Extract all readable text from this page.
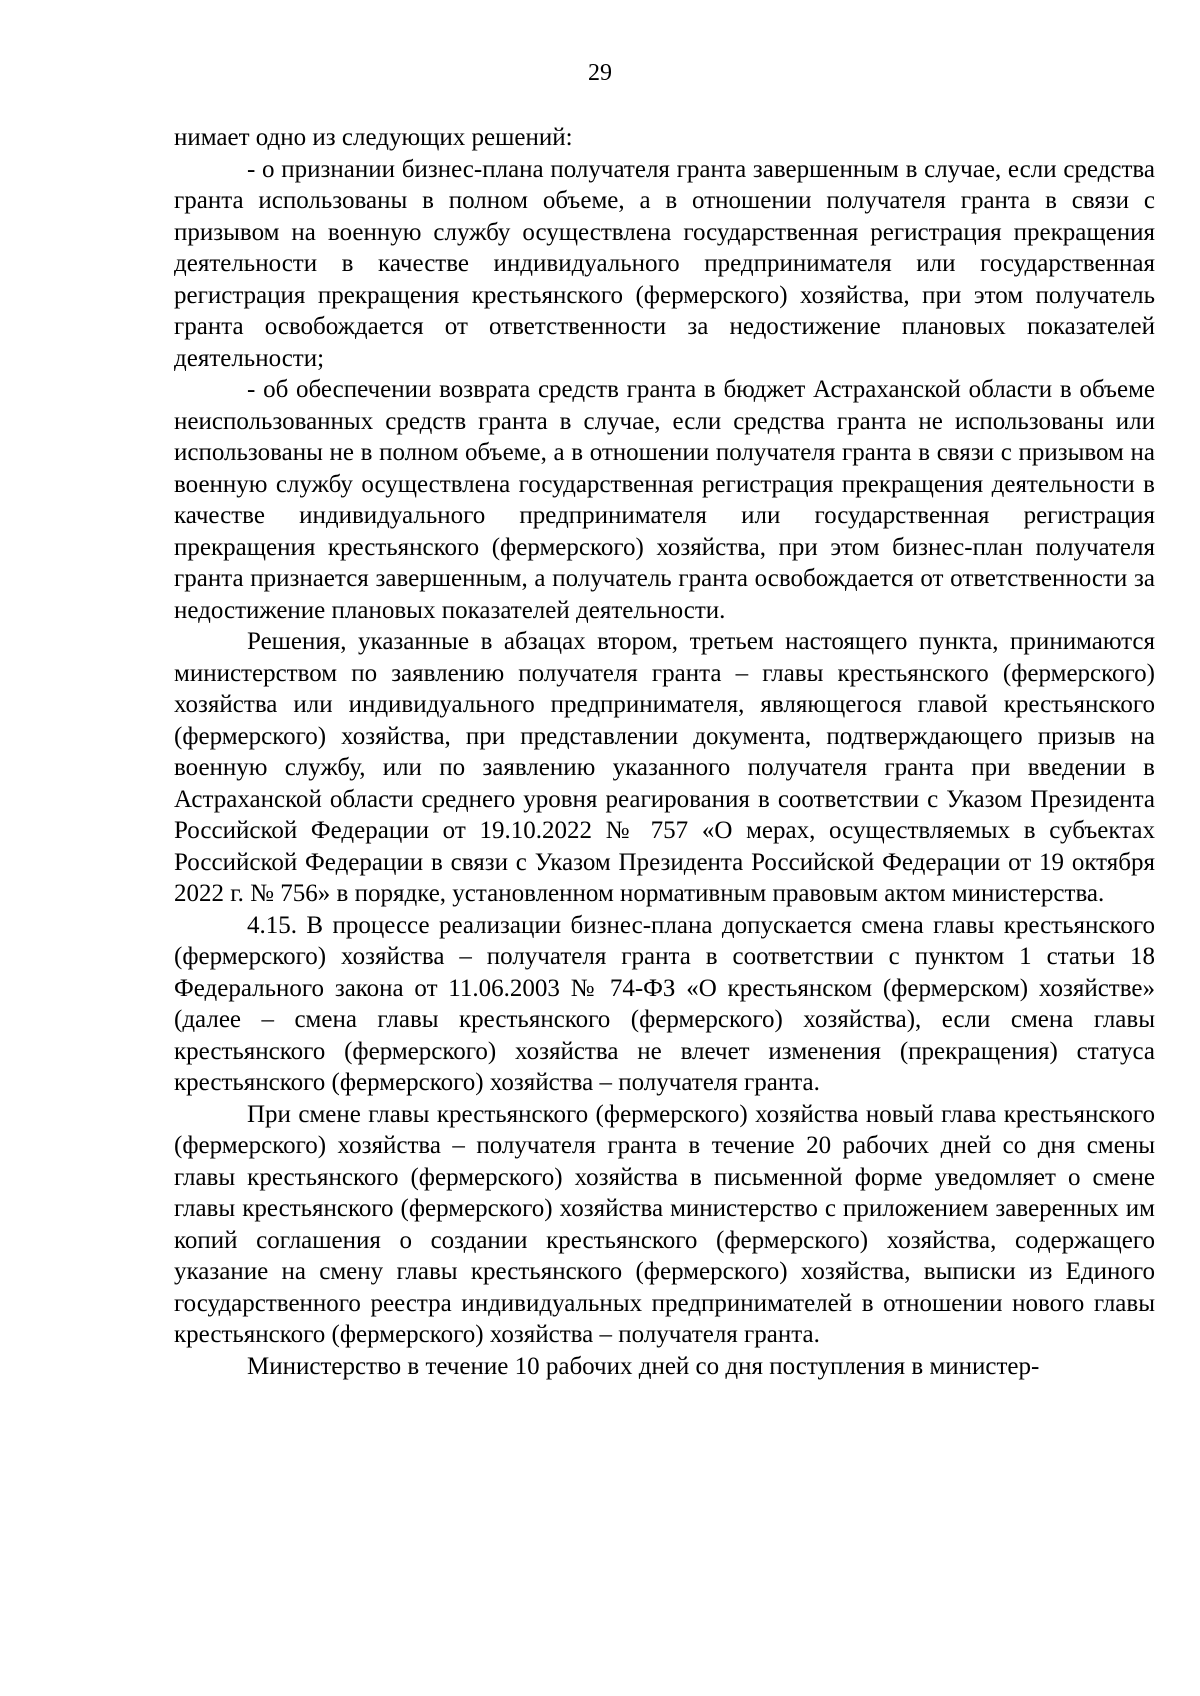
29

нимает одно из следующих решений:

- о признании бизнес-плана получателя гранта завершенным в случае, если средства гранта использованы в полном объеме, а в отношении получателя гранта в связи с призывом на военную службу осуществлена государственная регистрация прекращения деятельности в качестве индивидуального предпринимателя или государственная регистрация прекращения крестьянского (фермерского) хозяйства, при этом получатель гранта освобождается от ответственности за недостижение плановых показателей деятельности;

- об обеспечении возврата средств гранта в бюджет Астраханской области в объеме неиспользованных средств гранта в случае, если средства гранта не использованы или использованы не в полном объеме, а в отношении получателя гранта в связи с призывом на военную службу осуществлена государственная регистрация прекращения деятельности в качестве индивидуального предпринимателя или государственная регистрация прекращения крестьянского (фермерского) хозяйства, при этом бизнес-план получателя гранта признается завершенным, а получатель гранта освобождается от ответственности за недостижение плановых показателей деятельности.

Решения, указанные в абзацах втором, третьем настоящего пункта, принимаются министерством по заявлению получателя гранта – главы крестьянского (фермерского) хозяйства или индивидуального предпринимателя, являющегося главой крестьянского (фермерского) хозяйства, при представлении документа, подтверждающего призыв на военную службу, или по заявлению указанного получателя гранта при введении в Астраханской области среднего уровня реагирования в соответствии с Указом Президента Российской Федерации от 19.10.2022 № 757 «О мерах, осуществляемых в субъектах Российской Федерации в связи с Указом Президента Российской Федерации от 19 октября 2022 г. № 756» в порядке, установленном нормативным правовым актом министерства.

4.15. В процессе реализации бизнес-плана допускается смена главы крестьянского (фермерского) хозяйства – получателя гранта в соответствии с пунктом 1 статьи 18 Федерального закона от 11.06.2003 № 74-ФЗ «О крестьянском (фермерском) хозяйстве» (далее – смена главы крестьянского (фермерского) хозяйства), если смена главы крестьянского (фермерского) хозяйства не влечет изменения (прекращения) статуса крестьянского (фермерского) хозяйства – получателя гранта.

При смене главы крестьянского (фермерского) хозяйства новый глава крестьянского (фермерского) хозяйства – получателя гранта в течение 20 рабочих дней со дня смены главы крестьянского (фермерского) хозяйства в письменной форме уведомляет о смене главы крестьянского (фермерского) хозяйства министерство с приложением заверенных им копий соглашения о создании крестьянского (фермерского) хозяйства, содержащего указание на смену главы крестьянского (фермерского) хозяйства, выписки из Единого государственного реестра индивидуальных предпринимателей в отношении нового главы крестьянского (фермерского) хозяйства – получателя гранта.

Министерство в течение 10 рабочих дней со дня поступления в министер-
